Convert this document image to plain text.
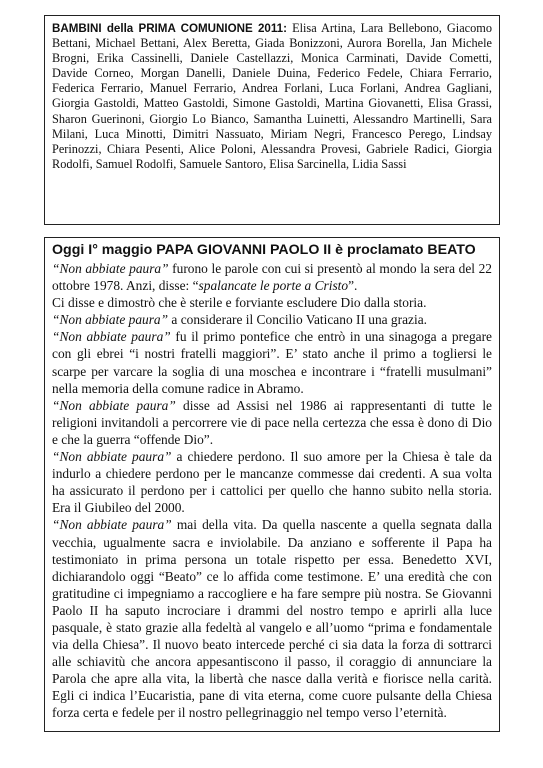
BAMBINI della PRIMA COMUNIONE 2011: Elisa Artina, Lara Bellebono, Giacomo Bettani, Michael Bettani, Alex Beretta, Giada Bonizzoni, Aurora Borella, Jan Michele Brogni, Erika Cassinelli, Daniele Castellazzi, Monica Carminati, Davide Cometti, Davide Corneo, Morgan Danelli, Daniele Duina, Federico Fedele, Chiara Ferrario, Federica Ferrario, Manuel Ferrario, Andrea Forlani, Luca Forlani, Andrea Gagliani, Giorgia Gastoldi, Matteo Gastoldi, Simone Gastoldi, Martina Giovanetti, Elisa Grassi, Sharon Guerinoni, Giorgio Lo Bianco, Samantha Luinetti, Alessandro Martinelli, Sara Milani, Luca Minotti, Dimitri Nassuato, Miriam Negri, Francesco Perego, Lindsay Perinozzi, Chiara Pesenti, Alice Poloni, Alessandra Provesi, Gabriele Radici, Giorgia Rodolfi, Samuel Rodolfi, Samuele Santoro, Elisa Sarcinella, Lidia Sassi
Oggi I° maggio PAPA GIOVANNI PAOLO II è proclamato BEATO

“Non abbiate paura” furono le parole con cui si presentò al mondo la sera del 22 ottobre 1978. Anzi, disse: “spalancate le porte a Cristo”.

Ci disse e dimostrò che è sterile e forviante escludere Dio dalla storia.

“Non abbiate paura” a considerare il Concilio Vaticano II una grazia.

“Non abbiate paura” fu il primo pontefice che entrò in una sinagoga a pregare con gli ebrei “i nostri fratelli maggiori”. E’ stato anche il primo a togliersi le scarpe per varcare la soglia di una moschea e incontrare i “fratelli musulmani” nella memoria della comune radice in Abramo.

“Non abbiate paura” disse ad Assisi nel 1986 ai rappresentanti di tutte le religioni invitandoli a percorrere vie di pace nella certezza che essa è dono di Dio e che la guerra “offende Dio”.

“Non abbiate paura” a chiedere perdono. Il suo amore per la Chiesa è tale da indurlo a chiedere perdono per le mancanze commesse dai credenti. A sua volta ha assicurato il perdono per i cattolici per quello che hanno subito nella storia. Era il Giubileo del 2000.

“Non abbiate paura” mai della vita. Da quella nascente a quella segnata dalla vecchia, ugualmente sacra e inviolabile. Da anziano e sofferente il Papa ha testimoniato in prima persona un totale rispetto per essa. Benedetto XVI, dichiarandolo oggi “Beato” ce lo affida come testimone. E’ una eredità che con gratitudine ci impegniamo a raccogliere e ha fare sempre più nostra. Se Giovanni Paolo II ha saputo incrociare i drammi del nostro tempo e aprirli alla luce pasquale, è stato grazie alla fedeltà al vangelo e all’uomo “prima e fondamentale via della Chiesa”. Il nuovo beato intercede perché ci sia data la forza di sottrarci alle schiavitù che ancora appesantiscono il passo, il coraggio di annunciare la Parola che apre alla vita, la libertà che nasce dalla verità e fiorisce nella carità. Egli ci indica l’Eucaristia, pane di vita eterna, come cuore pulsante della Chiesa forza certa e fedele per il nostro pellegrinaggio nel tempo verso l’eternità.
